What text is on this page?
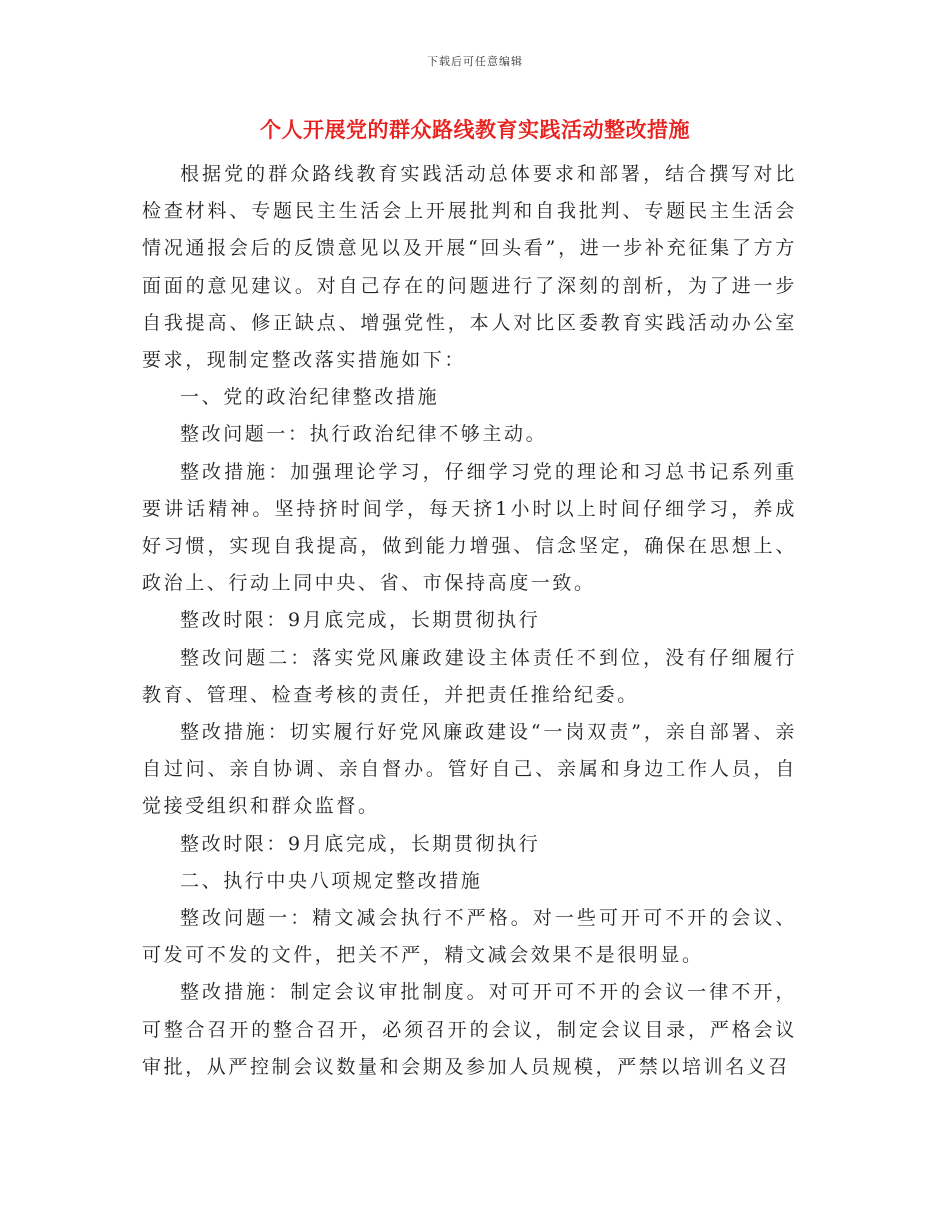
下载后可任意编辑
个人开展党的群众路线教育实践活动整改措施

根据党的群众路线教育实践活动总体要求和部署，结合撰写对比检查材料、专题民主生活会上开展批判和自我批判、专题民主生活会情况通报会后的反馈意见以及开展“回头看”，进一步补充征集了方方面面的意见建议。对自己存在的问题进行了深刻的剖析，为了进一步自我提高、修正缺点、增强党性，本人对比区委教育实践活动办公室要求，现制定整改落实措施如下：

一、党的政治纪律整改措施

整改问题一：执行政治纪律不够主动。

整改措施：加强理论学习，仔细学习党的理论和习总书记系列重要讲话精神。坚持挤时间学，每天挤1小时以上时间仔细学习，养成好习惯，实现自我提高，做到能力增强、信念坚定，确保在思想上、政治上、行动上同中央、省、市保持高度一致。

整改时限：9月底完成，长期贯彻执行

整改问题二：落实党风廉政建设主体责任不到位，没有仔细履行教育、管理、检查考核的责任，并把责任推给纪委。

整改措施：切实履行好党风廉政建设“一岗双责”，亲自部署、亲自过问、亲自协调、亲自督办。管好自己、亲属和身边工作人员，自觉接受组织和群众监督。

整改时限：9月底完成，长期贯彻执行

二、执行中央八项规定整改措施

整改问题一：精文减会执行不严格。对一些可开可不开的会议、可发可不发的文件，把关不严，精文减会效果不是很明显。

整改措施：制定会议审批制度。对可开可不开的会议一律不开，可整合召开的整合召开，必须召开的会议，制定会议目录，严格会议审批，从严控制会议数量和会期及参加人员规模，严禁以培训名义召
